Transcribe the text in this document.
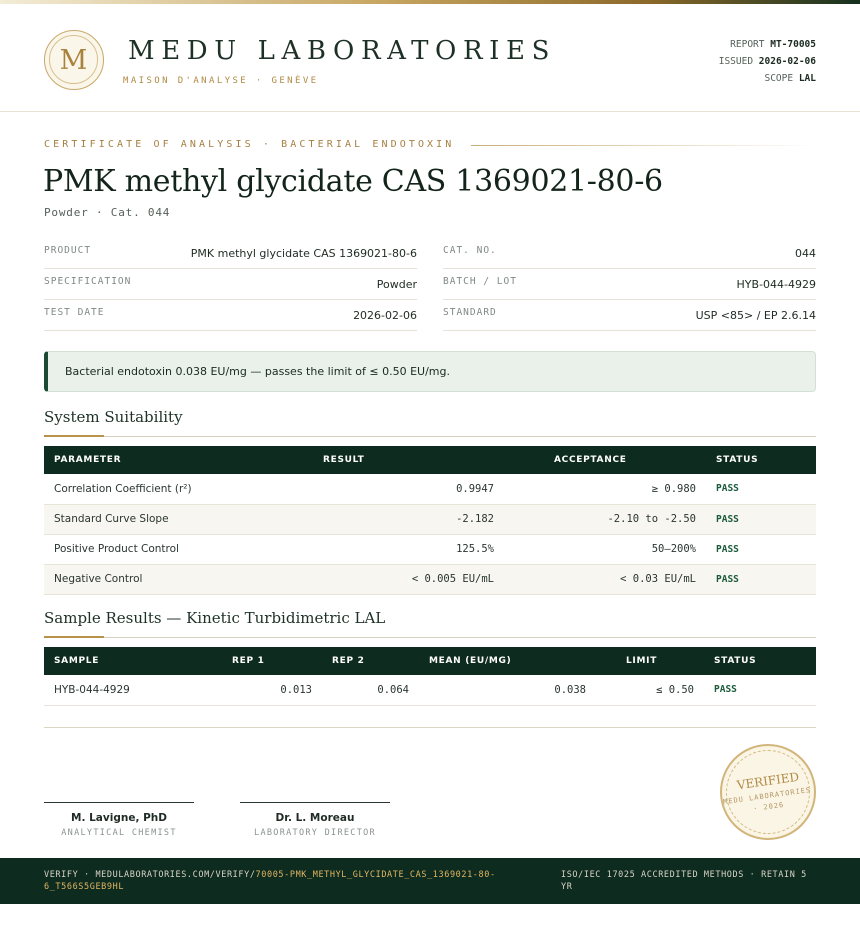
M	MEDU LABORATORIES
MAISON D'ANALYSE · GENÈVE
REPORT MT-70005
ISSUED 2026-02-06
SCOPE LAL
CERTIFICATE OF ANALYSIS · BACTERIAL ENDOTOXIN
PMK methyl glycidate CAS 1369021-80-6
Powder · Cat. 044
PRODUCT	PMK methyl glycidate CAS 1369021-80-6
SPECIFICATION	Powder
TEST DATE	2026-02-06
CAT. NO.	044
BATCH / LOT	HYB-044-4929
STANDARD	USP <85> / EP 2.6.14
Bacterial endotoxin 0.038 EU/mg — passes the limit of ≤ 0.50 EU/mg.
System Suitability
PARAMETER	RESULT	ACCEPTANCE	STATUS
Correlation Coefficient (r²)	0.9947	≥ 0.980	PASS
Standard Curve Slope	-2.182	-2.10 to -2.50	PASS
Positive Product Control	125.5%	50–200%	PASS
Negative Control	< 0.005 EU/mL	< 0.03 EU/mL	PASS
Sample Results — Kinetic Turbidimetric LAL
SAMPLE	REP 1	REP 2	MEAN (EU/MG)	LIMIT	STATUS
HYB-044-4929	0.013	0.064	0.038	≤ 0.50	PASS
M. Lavigne, PhD
ANALYTICAL CHEMIST
Dr. L. Moreau
LABORATORY DIRECTOR
VERIFIED
MEDU LABORATORIES · 2026
VERIFY · MEDULABORATORIES.COM/VERIFY/70005-PMK_METHYL_GLYCIDATE_CAS_1369021-80-6_T566S5GEB9HL
ISO/IEC 17025 ACCREDITED METHODS · RETAIN 5 YR
